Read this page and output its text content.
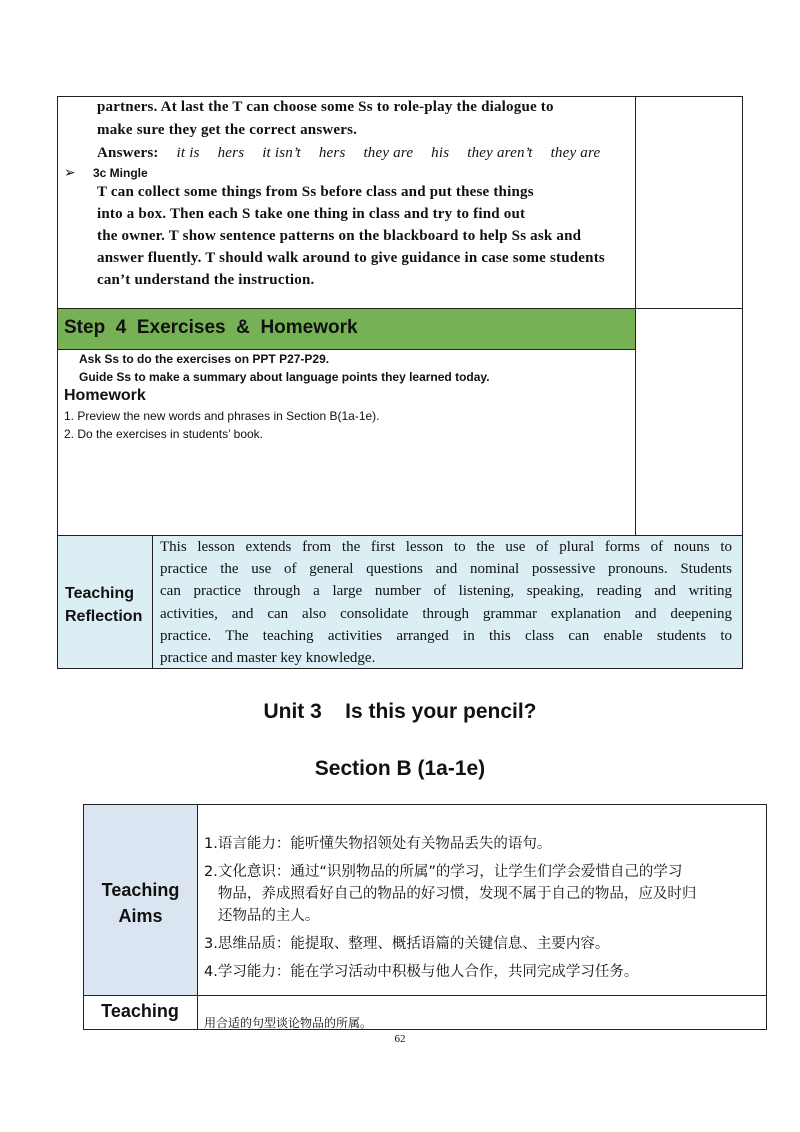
partners. At last the T can choose some Ss to role-play the dialogue to
make sure they get the correct answers.
Answers: it is hers it isn’t hers they are his they aren’t they are
➢ 3c Mingle
T can collect some things from Ss before class and put these things
into a box. Then each S take one thing in class and try to find out
the owner. T show sentence patterns on the blackboard to help Ss ask and
answer fluently. T should walk around to give guidance in case some students
can’t understand the instruction.
Step  4  Exercises  &  Homework
Ask Ss to do the exercises on PPT P27-P29.
Guide Ss to make a summary about language points they learned today.
Homework
1. Preview the new words and phrases in Section B(1a-1e).
2. Do the exercises in students’ book.
Teaching
Reflection
This lesson extends from the first lesson to the use of plural forms of nouns to
practice the use of general questions and nominal possessive pronouns. Students
can practice through a large number of listening, speaking, reading and writing
activities, and can also consolidate through grammar explanation and deepening
practice. The teaching activities arranged in this class can enable students to
practice and master key knowledge.
Unit 3    Is this your pencil?
Section B (1a-1e)
Teaching
Aims
1. 语言能力：能听懂失物招领处有关物品丢失的语句。
2. 文化意识：通过“识别物品的所属”的学习，让学生们学会爱惜自己的学习
物品，养成照看好自己的物品的好习惯，发现不属于自己的物品，应及时归
还物品的主人。
3. 思维品质：能提取、整理、概括语篇的关键信息、主要内容。
4. 学习能力：能在学习活动中积极与他人合作，共同完成学习任务。
Teaching
用合适的句型谈论物品的所属。
62
